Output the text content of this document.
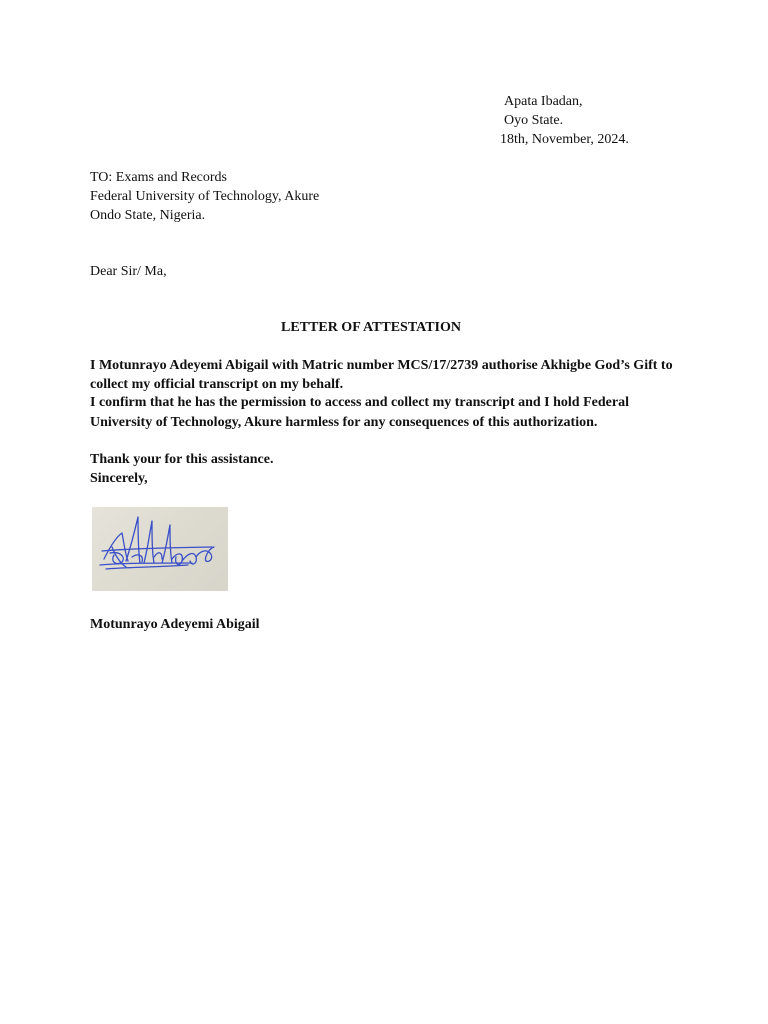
Apata Ibadan,
Oyo State.
18th, November, 2024.
TO: Exams and Records
Federal University of Technology, Akure
Ondo State, Nigeria.
Dear Sir/ Ma,
LETTER OF ATTESTATION
I Motunrayo Adeyemi Abigail with Matric number MCS/17/2739 authorise Akhigbe God’s Gift to
collect my official transcript on my behalf.
I confirm that he has the permission to access and collect my transcript and I hold Federal
University of Technology, Akure harmless for any consequences of this authorization.
Thank your for this assistance.
Sincerely,
Motunrayo Adeyemi Abigail
